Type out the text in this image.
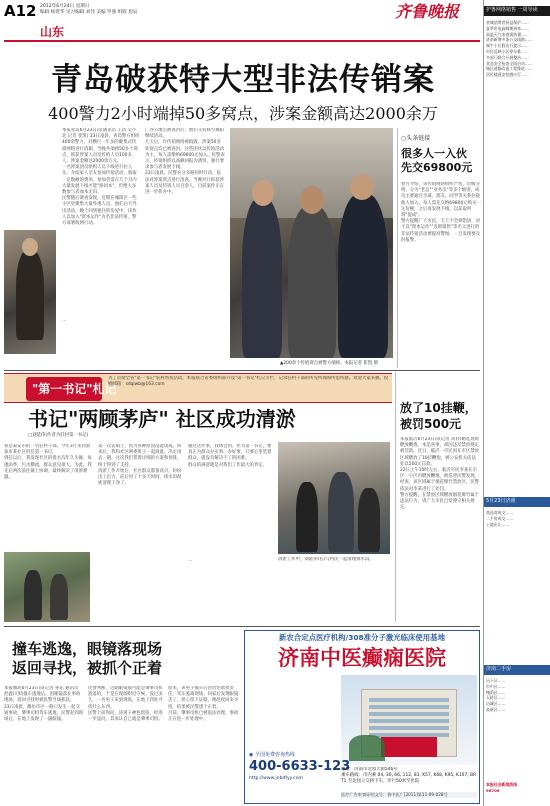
A12 2012年6月24日 星期日
编辑 杨建华 见习编辑 刘伟 美编 罗强 组版 思辰
山东
齐鲁晚报
青岛破获特大型非法传销案
400警力2小时端掉50多窝点，涉案金额高达2000余万
本报青岛6月23日讯(通讯员 王清 吴小北 记者 崔凯) 23日凌晨，青岛警方组织400余警力，对横行一年多的聚集式传销网络进行清剿，当晚共端掉50多个窝点，抓获涉案人员及传销人员100多人，涉案金额达2000余万元。
一名涉案团员组织人员下线进行拉人头，介绍家人亲友参加传销活动，收取一定数额的费用。参加者需在几个月内大量发展下线才能"挣回本"，但绝大多数参与者血本无归。
民警随后调查发现，近期在城阳区一些小区里聚集大量外地人员，他们白天外出活动，晚上回到租住的房屋中，该伙人以加入"资本运作"为名非法传销，警方部署收网行动。
…
广办公地点被查封后，他们又转移至城阳继续活动。
几天后，许传销网络被捣毁，涉案50多处窝点均已被查封，这些团伙以传销活动为主，每人需缴纳69800元加入。民警表示，传销组织以高额回报为诱饵，强行要求参与者发展下线。
23日凌晨，民警兵分多路同时行动，依法对涉案窝点进行清查，当晚共计抓获涉案人员及传销人员百余人，目前案件正在进一步侦办中。
▲200余个传销窝点被警方端掉。本报记者 崔凯 摄
○头条链接
很多人一入伙
先交69800元
警方介绍，该传销网络组织严密，层级分明，分为"老总""业务员"等多个级别，成员主要通过亲戚、朋友、同学等关系拉拢他人加入，每人需先交纳69800元购买一定份额，之后再发展下线，以获取所谓"提成"。
警方提醒广大市民，天上不会掉馅饼，对于以"资本运作""连锁销售"等名义进行的非法传销活动要提高警惕，一旦发现要及时报警。
"第一书记"札记
为了贯彻全省"第一书记"驻村帮扶活动，本报联合省委组织部开设"第一书记"札记专栏，记录驻村干部的所见所闻和所思所感。欢迎大家来稿，投稿邮箱：sdqlwb@163.com
书记"两顾茅庐" 社区成功清淤
□刘延伟(作者为驻村第一书记)
我是泰安市的一名驻村干部，今年3月来到新泰市某社区担任第一书记。
到任以后，我发现社区的排水沟年久失修，每逢雨季，污水横流，群众意见很大。为此，我先后两次前往镇上协调，最终解决了清淤难题。
第一次去镇上，因为各种原因没能谈成。回来后，我和社区两委班子一起商量，决定再去一趟。这次我们带着详细的方案和预算，终于得到了支持。
清淤工作开始后，社区群众都很高兴，纷纷出工出力，前后用了十多天时间，排水沟彻底清理干净了。
通过这件事，我体会到，作为第一书记，要真正为群众办实事、办好事，只要心里装着群众，就没有解决不了的困难。
群众的满意就是对我们工作最大的肯定。
清淤工作中，刘延伟(右)与村民一起清理排水沟。
…
放了10挂鞭，
被罚500元
本报临沂6月23日讯(记者 高祥)婚礼现场燃放鞭炮，本是喜事，却因违反禁放规定被罚款。近日，临沂一市民因在市区禁放区域燃放了10挂鞭炮，被公安机关依法处以500元罚款。
22日上午10时左右，临沂市民李某在市区一小区内燃放鞭炮，被巡逻民警发现。经查，该区域属于烟花爆竹禁放区，民警依法对李某进行了处罚。
警方提醒，在禁放区域燃放烟花爆竹属于违法行为，请广大市民自觉遵守相关规定。
撞车逃逸，眼镜落现场
返回寻找，被抓个正着
本报潍坊6月23日讯(记者 孙乐 通讯员 赵鑫)司机撞车逃逸后，因眼镜落在事故现场，返回寻找时被民警当场抓获。
23日凌晨，潍坊市区一路口发生一起交通事故，肇事司机驾车逃逸，民警赶到现场后，在地上发现了一副眼镜。
民警判断，这副眼镜很可能是肇事司机遗落的，于是在现场附近守候。没过多久，一名男子来到现场，在地上四处寻找什么东西。
民警上前询问，该男子神色慌张，经进一步盘问，其承认自己就是肇事司机。
原来，该男子撞车后因害怕承担责任，驾车逃离现场。回家后发现眼镜丢了，担心留下证据，便趁夜回来寻找，结果被民警逮个正着。
目前，肇事司机已被依法处理，事故正在进一步处理中。
新农合定点医疗机构/308准分子激光临床使用基地
济南中医癫痫医院
◉ 全国免费咨询热线
400-6633-123
http://www.jnbdfyy.com
地址：济南市北园大街546号
乘车路线：市内乘 04, 30, 66, 112, 83, K57, K68, K95, K107, BRT1 至北园立交桥下车，步行50米至医院
医疗广告审查证明文号：鲁中医广[2011]第11-09-028号
护鲁网络销售 一周导读
省城消费者权益保护……
夏季用电高峰期到来……
高温天气来袭需防暑……
济南新增多条公交线路……
端午小长假出行提示……
市民反映小区停车难……
多部门联合开展整治……
食品安全检查全面启动……
城区道路改造工程推进……
居民楼道安装感应灯……

5月23日济南
商品房成交……
二手房成交……
土地出让……

济南二手房
历下区……
市中区……
槐荫区……
天桥区……
历城区……
高新区……

本报社会新闻热线
96706
